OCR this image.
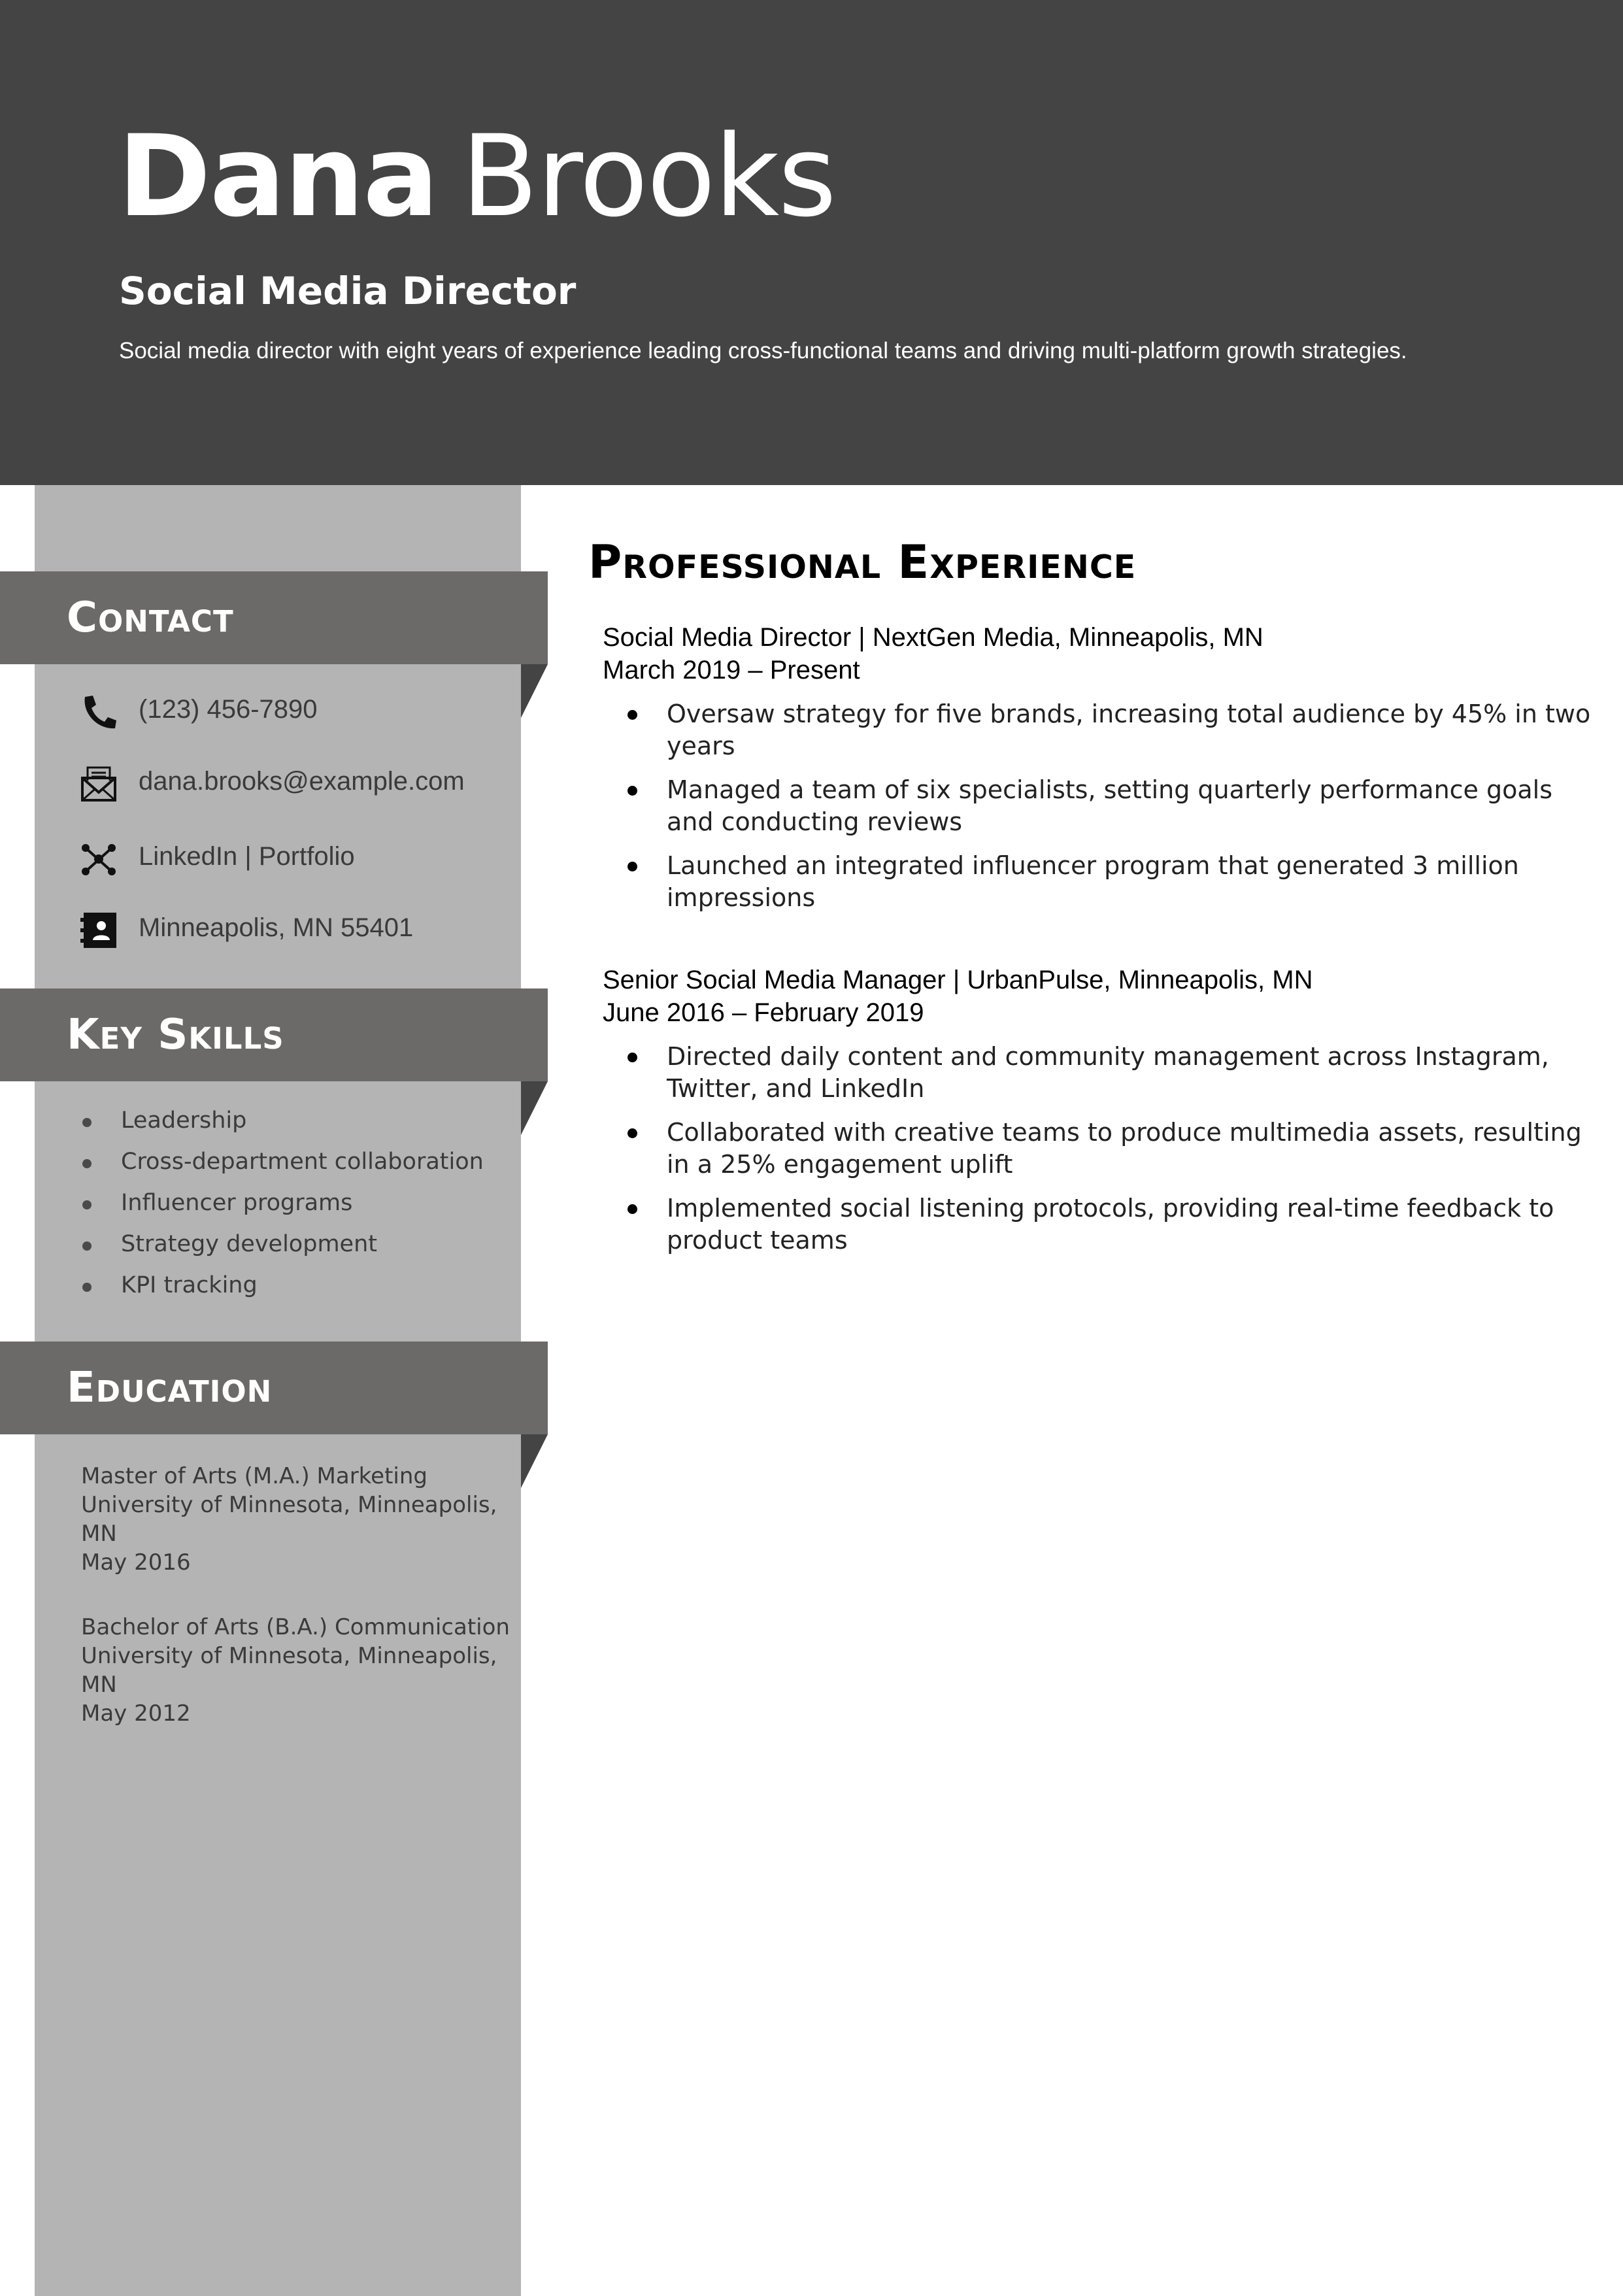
Dana Brooks
Social Media Director
Social media director with eight years of experience leading cross-functional teams and driving multi-platform growth strategies.
Contact
(123) 456-7890
dana.brooks@example.com
LinkedIn | Portfolio
Minneapolis, MN 55401
Key Skills
Leadership
Cross-department collaboration
Influencer programs
Strategy development
KPI tracking
Education
Master of Arts (M.A.) Marketing
University of Minnesota, Minneapolis,
MN
May 2016
Bachelor of Arts (B.A.) Communication
University of Minnesota, Minneapolis,
MN
May 2012
Professional Experience
Social Media Director | NextGen Media, Minneapolis, MN
March 2019 – Present
Oversaw strategy for five brands, increasing total audience by 45% in two years
Managed a team of six specialists, setting quarterly performance goals and conducting reviews
Launched an integrated influencer program that generated 3 million impressions
Senior Social Media Manager | UrbanPulse, Minneapolis, MN
June 2016 – February 2019
Directed daily content and community management across Instagram, Twitter, and LinkedIn
Collaborated with creative teams to produce multimedia assets, resulting in a 25% engagement uplift
Implemented social listening protocols, providing real-time feedback to product teams
